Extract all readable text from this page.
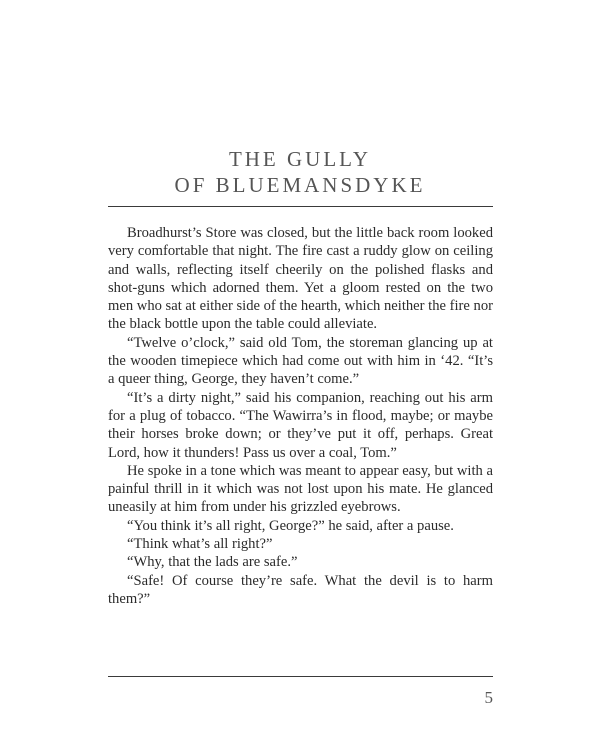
THE GULLY
OF BLUEMANSDYKE

Broadhurst’s Store was closed, but the little back room looked very comfortable that night. The fire cast a ruddy glow on ceiling and walls, reflecting itself cheerily on the polished flasks and shot-guns which adorned them. Yet a gloom rested on the two men who sat at either side of the hearth, which neither the fire nor the black bottle upon the table could alleviate.

“Twelve o’clock,” said old Tom, the storeman glancing up at the wooden timepiece which had come out with him in ‘42. “It’s a queer thing, George, they haven’t come.”

“It’s a dirty night,” said his companion, reaching out his arm for a plug of tobacco. “The Wawirra’s in flood, maybe; or maybe their horses broke down; or they’ve put it off, perhaps. Great Lord, how it thunders! Pass us over a coal, Tom.”

He spoke in a tone which was meant to appear easy, but with a painful thrill in it which was not lost upon his mate. He glanced uneasily at him from under his grizzled eyebrows.

“You think it’s all right, George?” he said, after a pause.

“Think what’s all right?”

“Why, that the lads are safe.”

“Safe! Of course they’re safe. What the devil is to harm them?”

5
